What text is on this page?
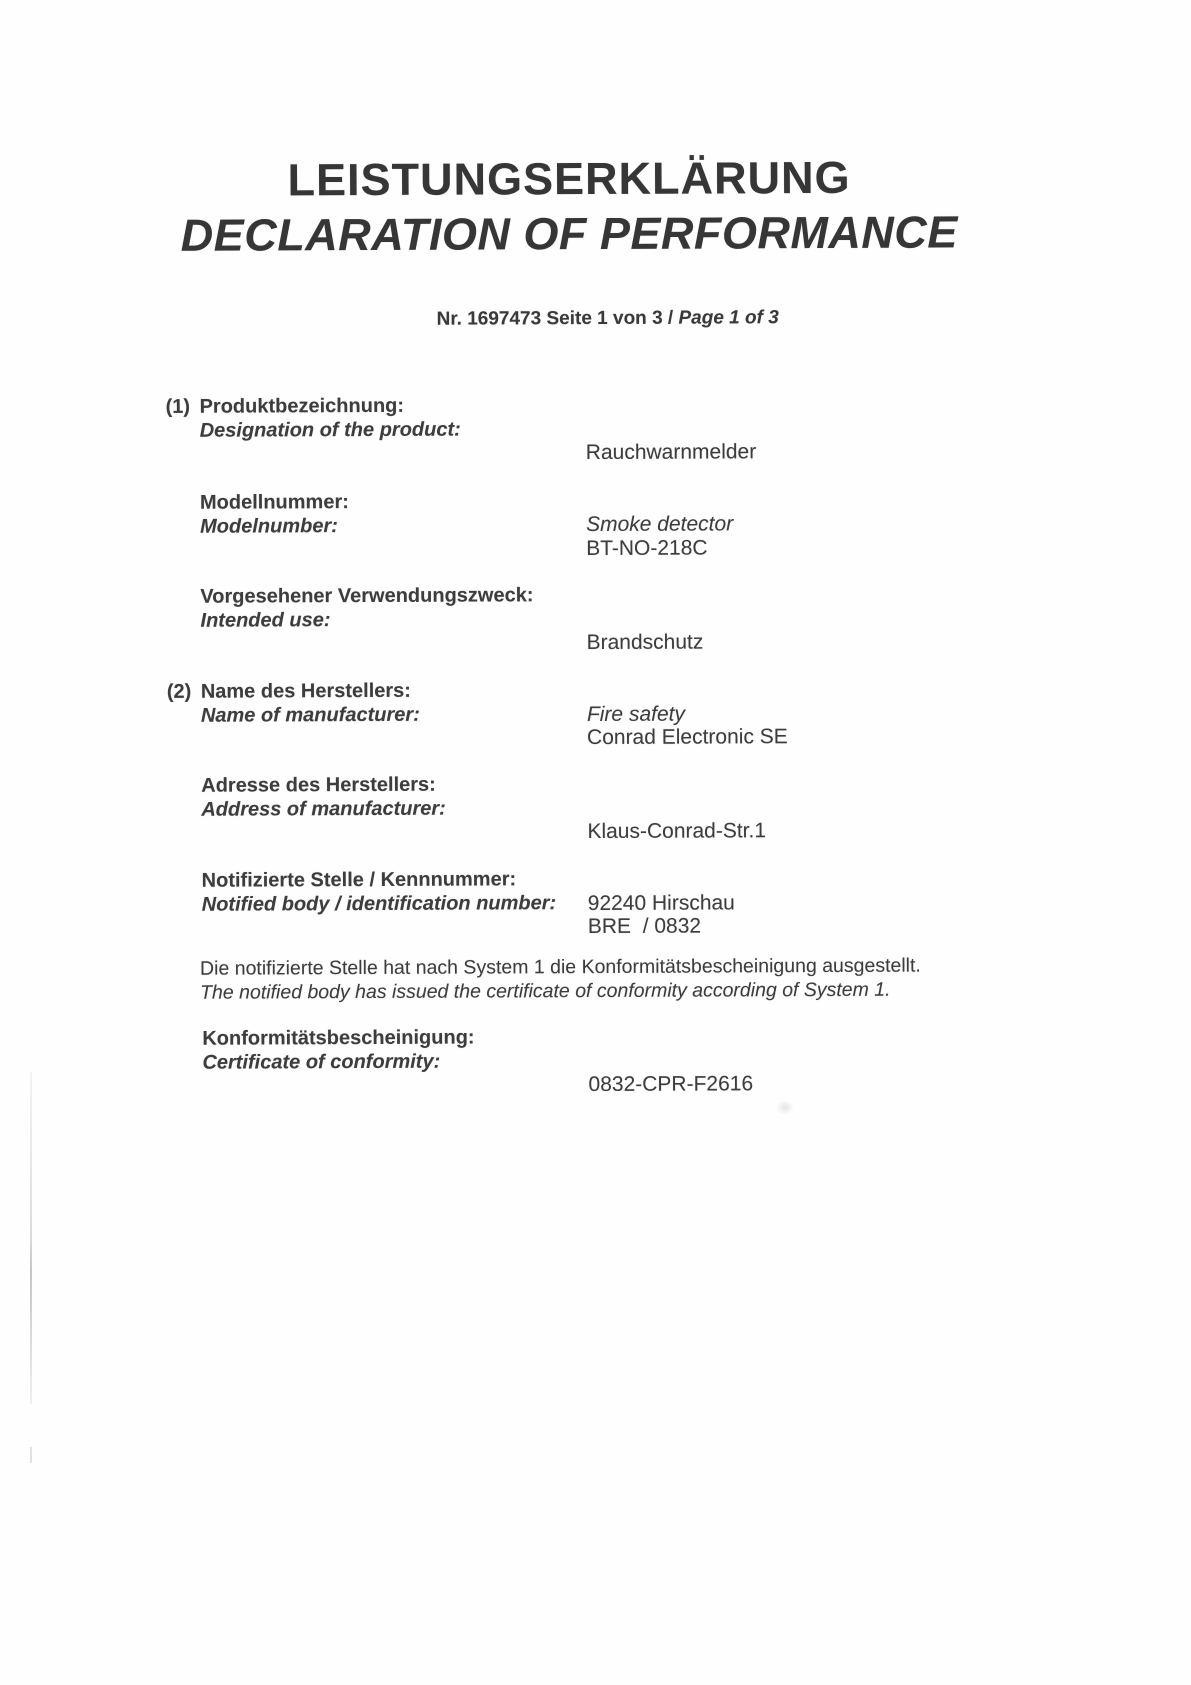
LEISTUNGSERKLÄRUNG
DECLARATION OF PERFORMANCE

Nr. 1697473 Seite 1 von 3 / Page 1 of 3

(1) Produktbezeichnung:
Designation of the product:

Rauchwarnmelder

Smoke detector

Modellnummer:
Modelnumber:

BT-NO-218C

Vorgesehener Verwendungszweck:
Intended use:

Brandschutz

Fire safety

(2) Name des Herstellers:
Name of manufacturer:

Conrad Electronic SE

Adresse des Herstellers:
Address of manufacturer:

Klaus-Conrad-Str.1

92240 Hirschau

Notifizierte Stelle / Kennnummer:
Notified body / identification number:

BRE  / 0832

Die notifizierte Stelle hat nach System 1 die Konformitätsbescheinigung ausgestellt.
The notified body has issued the certificate of conformity according of System 1.
Konformitätsbescheinigung:
Certificate of conformity:

0832-CPR-F2616
